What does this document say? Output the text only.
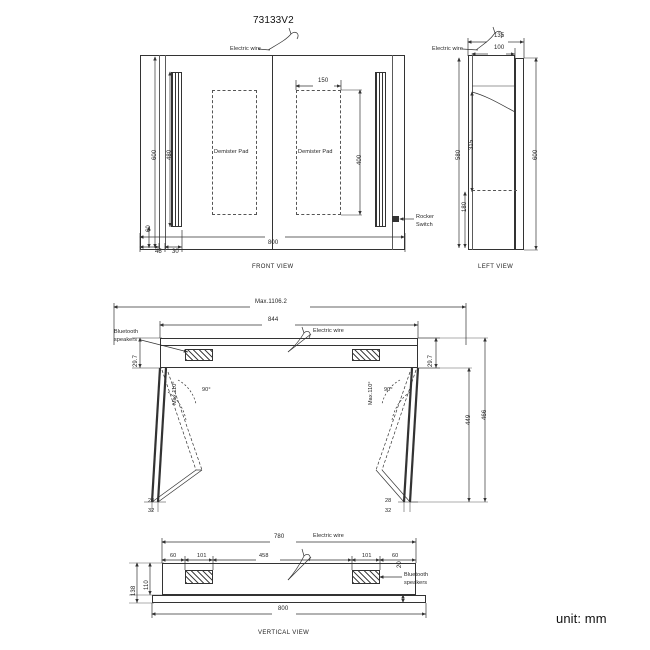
73133V2
Demister Pad	Demister Pad
Electric wire
Rocker
Switch
600 480
60
400
800
45 30
150
FRONT VIEW
Electric wire
135
100
580
315
180
600
LEFT VIEW
Max.1106.2
844
Bluetooth
speakers
Electric wire
29.7	29.7
466
449
Max.110°	90°	Max.110° 90°
28
32
28
32
780	Electric wire
60	101	458	101	60
Bluetooth
speakers
138
110
20
800
VERTICAL VIEW
unit: mm
